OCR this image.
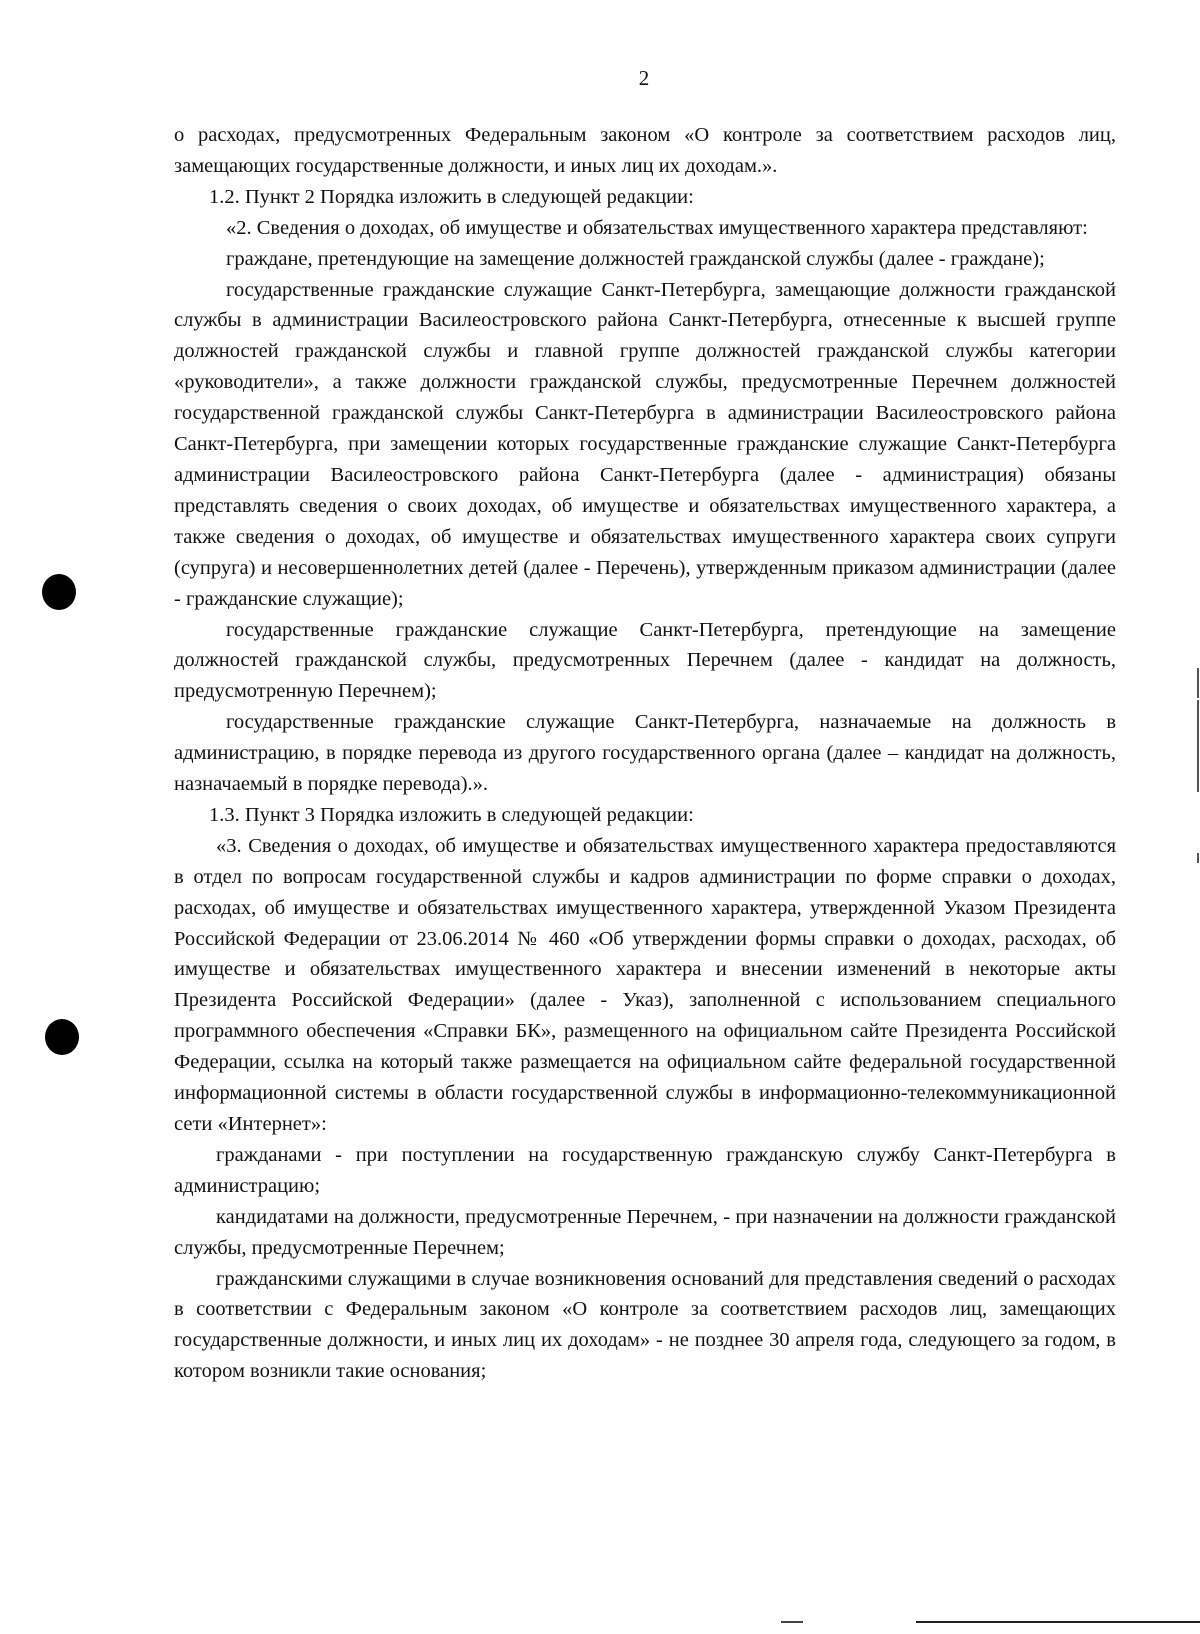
2

о расходах, предусмотренных Федеральным законом «О контроле за соответствием расходов лиц, замещающих государственные должности, и иных лиц их доходам.».

1.2. Пункт 2 Порядка изложить в следующей редакции:

«2. Сведения о доходах, об имуществе и обязательствах имущественного характера представляют:

граждане, претендующие на замещение должностей гражданской службы (далее - граждане);

государственные гражданские служащие Санкт-Петербурга, замещающие должности гражданской службы в администрации Василеостровского района Санкт-Петербурга, отнесенные к высшей группе должностей гражданской службы и главной группе должностей гражданской службы категории «руководители», а также должности гражданской службы, предусмотренные Перечнем должностей государственной гражданской службы Санкт-Петербурга в администрации Василеостровского района Санкт-Петербурга, при замещении которых государственные гражданские служащие Санкт-Петербурга администрации Василеостровского района Санкт-Петербурга (далее - администрация) обязаны представлять сведения о своих доходах, об имуществе и обязательствах имущественного характера, а также сведения о доходах, об имуществе и обязательствах имущественного характера своих супруги (супруга) и несовершеннолетних детей (далее - Перечень), утвержденным приказом администрации (далее - гражданские служащие);

государственные гражданские служащие Санкт-Петербурга, претендующие на замещение должностей гражданской службы, предусмотренных Перечнем (далее - кандидат на должность, предусмотренную Перечнем);

государственные гражданские служащие Санкт-Петербурга, назначаемые на должность в администрацию, в порядке перевода из другого государственного органа (далее – кандидат на должность, назначаемый в порядке перевода).».

1.3. Пункт 3 Порядка изложить в следующей редакции:

«3. Сведения о доходах, об имуществе и обязательствах имущественного характера предоставляются в отдел по вопросам государственной службы и кадров администрации по форме справки о доходах, расходах, об имуществе и обязательствах имущественного характера, утвержденной Указом Президента Российской Федерации от 23.06.2014 № 460 «Об утверждении формы справки о доходах, расходах, об имуществе и обязательствах имущественного характера и внесении изменений в некоторые акты Президента Российской Федерации» (далее - Указ), заполненной с использованием специального программного обеспечения «Справки БК», размещенного на официальном сайте Президента Российской Федерации, ссылка на который также размещается на официальном сайте федеральной государственной информационной системы в области государственной службы в информационно-телекоммуникационной сети «Интернет»:

гражданами - при поступлении на государственную гражданскую службу Санкт-Петербурга в администрацию;

кандидатами на должности, предусмотренные Перечнем, - при назначении на должности гражданской службы, предусмотренные Перечнем;

гражданскими служащими в случае возникновения оснований для представления сведений о расходах в соответствии с Федеральным законом «О контроле за соответствием расходов лиц, замещающих государственные должности, и иных лиц их доходам» - не позднее 30 апреля года, следующего за годом, в котором возникли такие основания;
